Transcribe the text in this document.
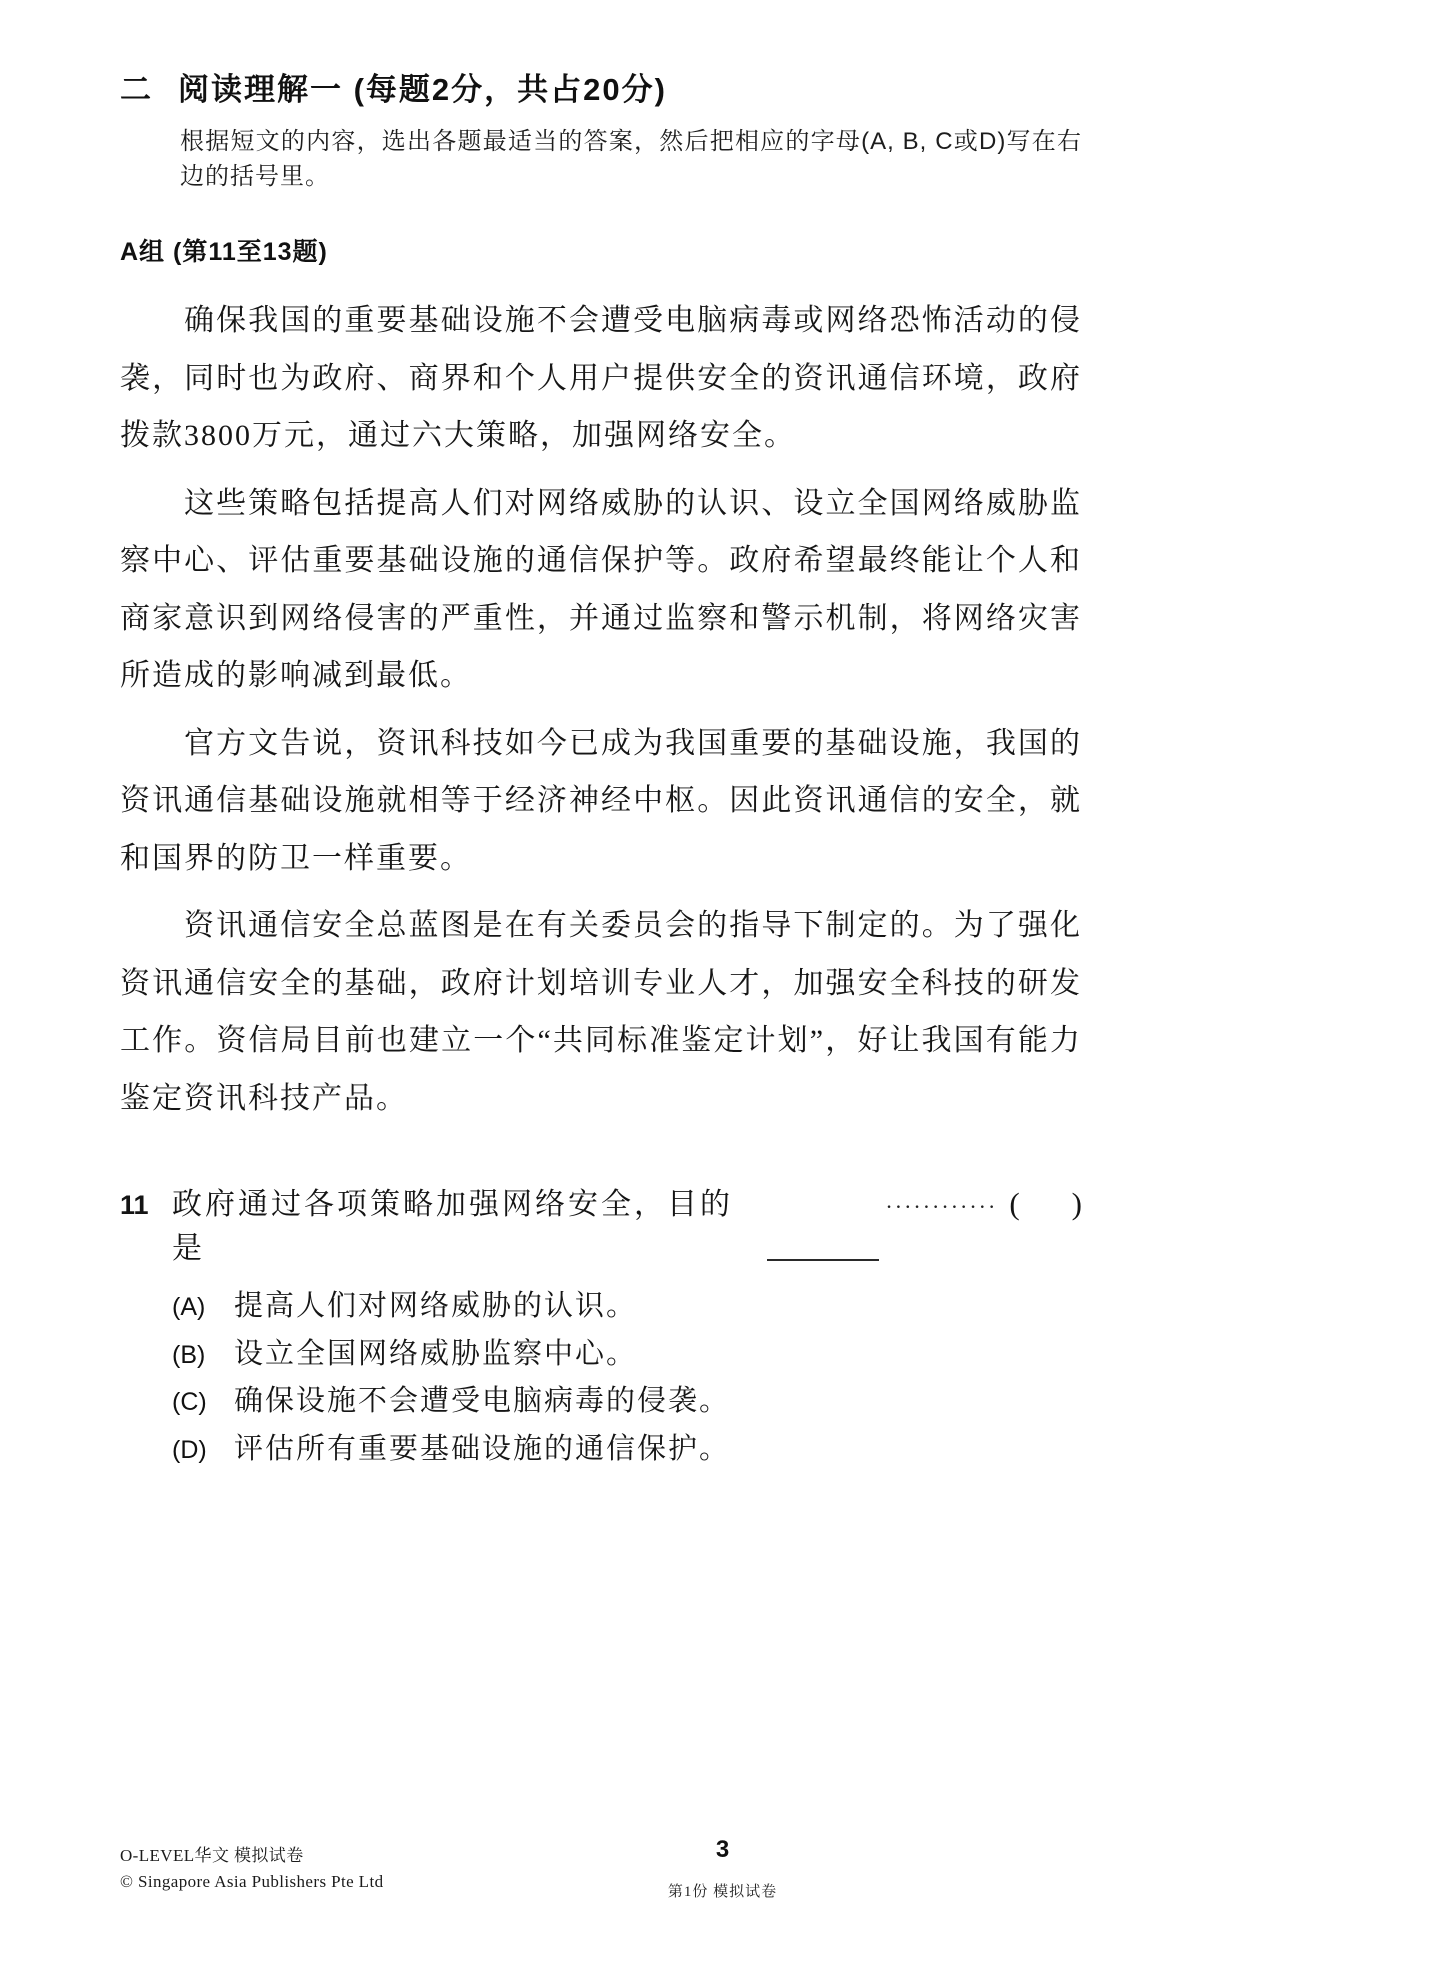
二 阅读理解一 (每题2分，共占20分)

根据短文的内容，选出各题最适当的答案，然后把相应的字母(A, B, C或D)写在右边的括号里。

A组 (第11至13题)

确保我国的重要基础设施不会遭受电脑病毒或网络恐怖活动的侵袭，同时也为政府、商界和个人用户提供安全的资讯通信环境，政府拨款3800万元，通过六大策略，加强网络安全。

这些策略包括提高人们对网络威胁的认识、设立全国网络威胁监察中心、评估重要基础设施的通信保护等。政府希望最终能让个人和商家意识到网络侵害的严重性，并通过监察和警示机制，将网络灾害所造成的影响减到最低。

官方文告说，资讯科技如今已成为我国重要的基础设施，我国的资讯通信基础设施就相等于经济神经中枢。因此资讯通信的安全，就和国界的防卫一样重要。

资讯通信安全总蓝图是在有关委员会的指导下制定的。为了强化资讯通信安全的基础，政府计划培训专业人才，加强安全科技的研发工作。资信局目前也建立一个“共同标准鉴定计划”，好让我国有能力鉴定资讯科技产品。

11 政府通过各项策略加强网络安全，目的是
············ ( )
(A) 提高人们对网络威胁的认识。
(B) 设立全国网络威胁监察中心。
(C) 确保设施不会遭受电脑病毒的侵袭。
(D) 评估所有重要基础设施的通信保护。
O-LEVEL华文 模拟试卷
© Singapore Asia Publishers Pte Ltd
3
第1份 模拟试卷
